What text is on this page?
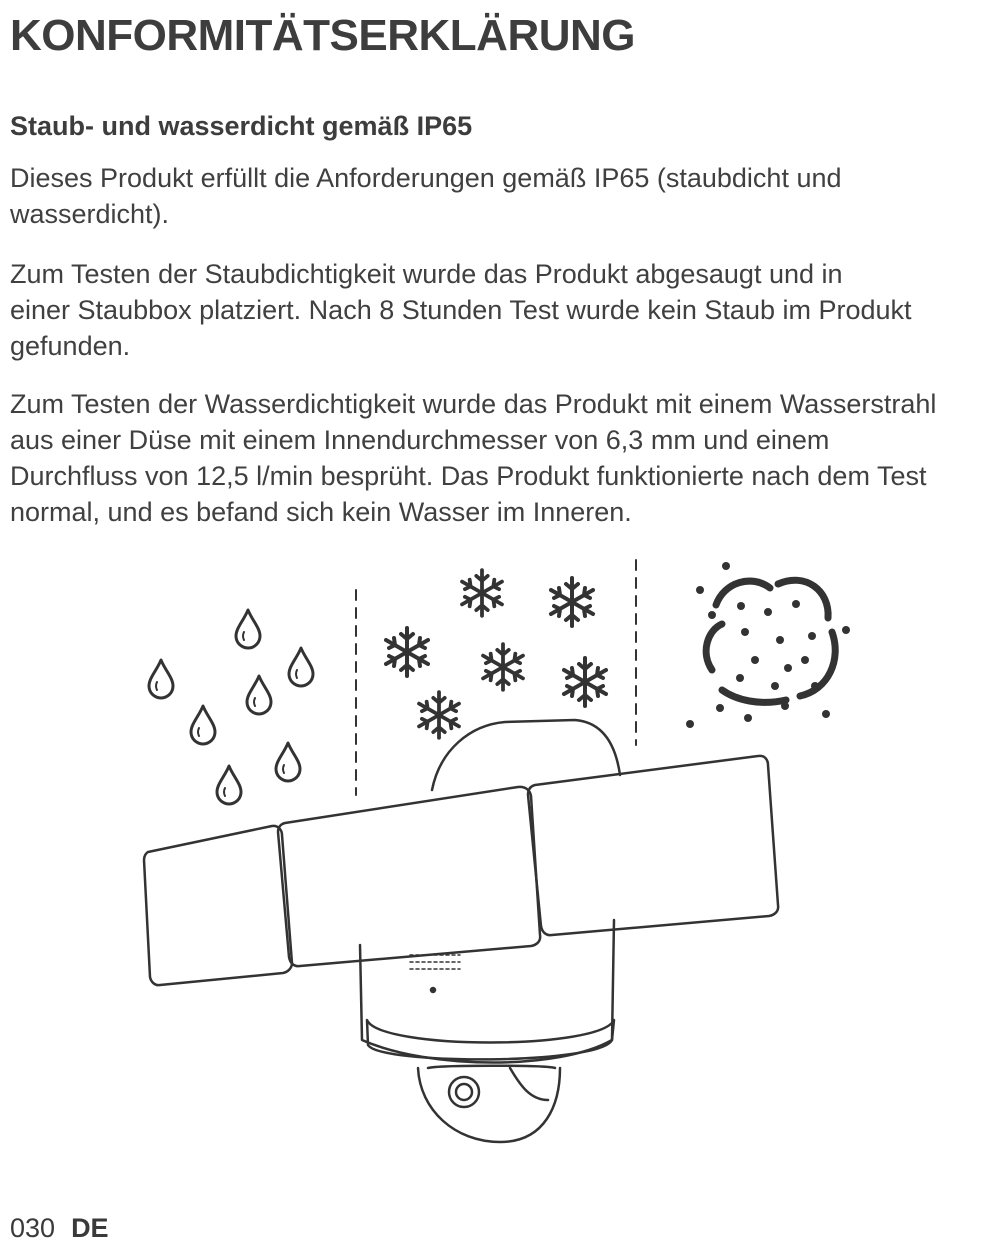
KONFORMITÄTSERKLÄRUNG
Staub- und wasserdicht gemäß IP65

Dieses Produkt erfüllt die Anforderungen gemäß IP65 (staubdicht und
wasserdicht).

Zum Testen der Staubdichtigkeit wurde das Produkt abgesaugt und in
einer Staubbox platziert. Nach 8 Stunden Test wurde kein Staub im Produkt
gefunden.

Zum Testen der Wasserdichtigkeit wurde das Produkt mit einem Wasserstrahl
aus einer Düse mit einem Innendurchmesser von 6,3 mm und einem
Durchfluss von 12,5 l/min besprüht. Das Produkt funktionierte nach dem Test
normal, und es befand sich kein Wasser im Inneren.

030 DE
